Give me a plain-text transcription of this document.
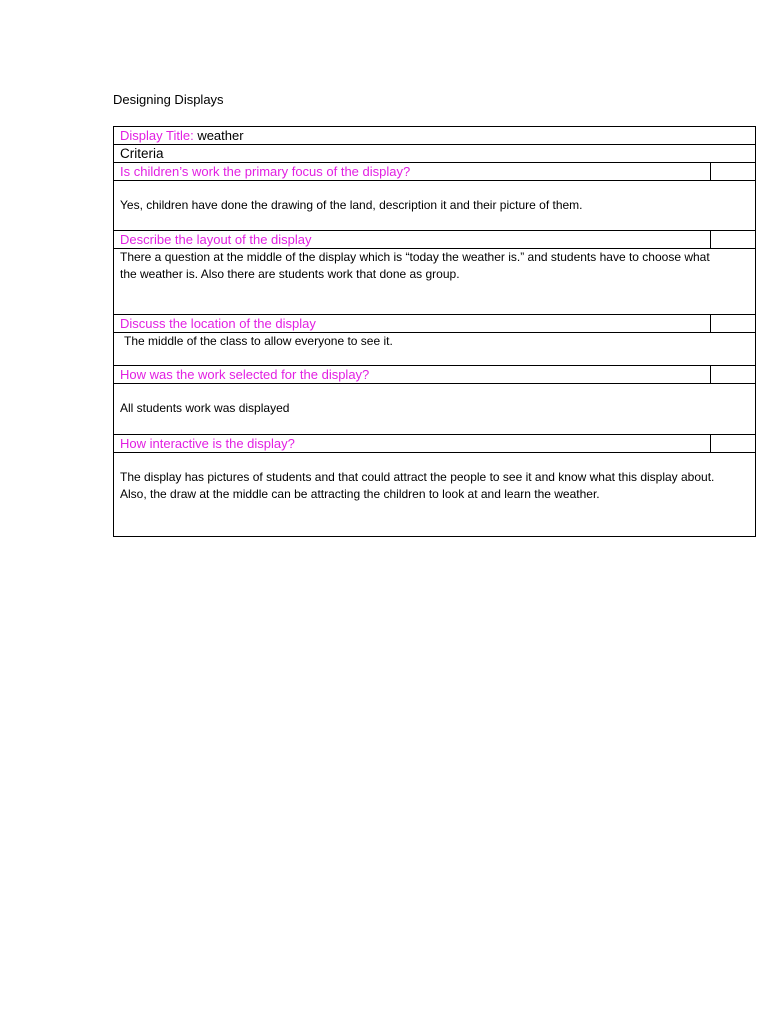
Designing Displays
Display Title: weather
Criteria
Is children’s work the primary focus of the display?
Yes, children have done the drawing of the land, description it and their picture of them.
Describe the layout of the display
There a question at the middle of the display which is “today the weather is.” and students have to choose what the weather is. Also there are students work that done as group.
Discuss the location of the display
The middle of the class to allow everyone to see it.
How was the work selected for the display?
All students work was displayed
How interactive is the display?
The display has pictures of students and that could attract the people to see it and know what this display about. Also, the draw at the middle can be attracting the children to look at and learn the weather.
